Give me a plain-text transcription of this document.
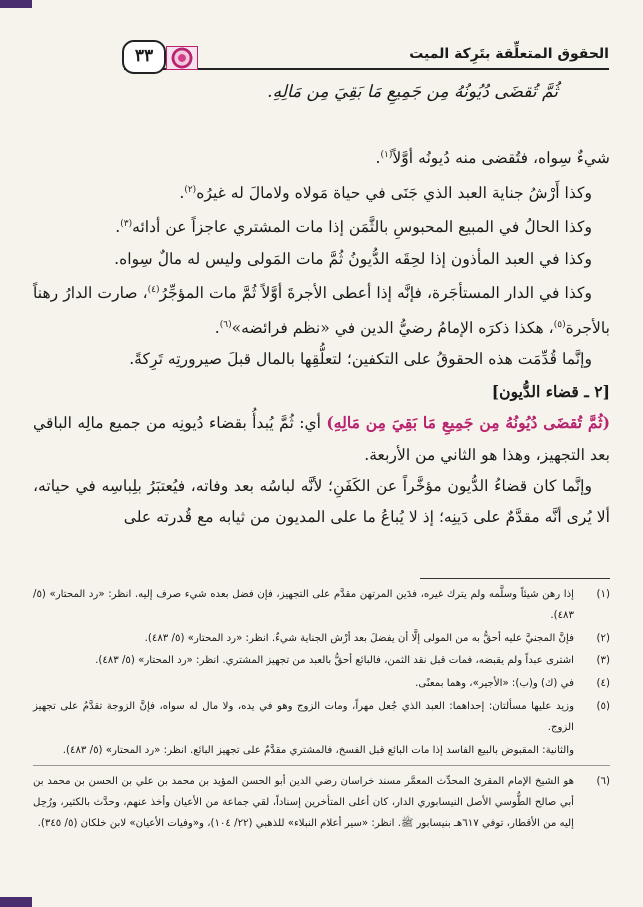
الحقوق المتعلِّقة بتَرِكة الميت
٣٣
ثُمَّ تُقضَى دُيُونُهُ مِن جَمِيعِ مَا بَقِيَ مِن مَالِهِ.

شيءٌ سِواه، فتُقضى منه دُيونُه أوَّلاً$^{(١)}$.

وكذا أَرْشُ جناية العبد الذي جَنَى في حياة مَولاه ولامالَ له غيرُه$^{(٢)}$.

وكذا الحالُ في المبيع المحبوسِ بالثَّمَن إذا مات المشتري عاجزاً عن أدائه$^{(٣)}$.

وكذا في العبد المأذون إذا لحِقَه الدُّيونُ ثُمَّ مات المَولى وليس له مالٌ سِواه.

وكذا في الدار المستأجَرة، فإنَّه إذا أعطى الأجرةَ أوَّلاً ثُمَّ مات المؤجِّرُ$^{(٤)}$، صارت الدارُ رهناً بالأجرة$^{(٥)}$، هكذا ذكرَه الإمامُ رضيُّ الدين في «نظم فرائضه»$^{(٦)}$.

وإنَّما قُدِّمَت هذه الحقوقُ على التكفين؛ لتعلُّقِها بالمال قبلَ صيرورتِه تَرِكةً.

[٢ ـ قضاء الدُّيون]

(ثُمَّ تُقضَى دُيُونُهُ مِن جَمِيعِ مَا بَقِيَ مِن مَالِهِ) أي: ثُمَّ يُبدأُ بقضاء دُيونِه من جميع مالِه الباقي بعد التجهيز، وهذا هو الثاني من الأربعة.

وإنَّما كان قضاءُ الدُّيون مؤخَّراً عن الكَفَنِ؛ لأنَّه لباسُه بعد وفاته، فيُعتبَرُ بلِباسِه في حياته، ألا يُرى أنَّه مقدَّمٌ على دَينِه؛ إذ لا يُباعُ ما على المديون من ثيابه مع قُدرته على

(١)
إذا رهن شيئاً وسلَّمه ولم يترك غيره، فدَين المرتهن مقدَّم على التجهيز، فإن فضل بعده شيء صرف إليه. انظر: «رد المحتار» (٥/ ٤٨٣).
(٢)
فإنَّ المجنيَّ عليه أحقُّ به من المولى إلَّا أن يفضلَ بعد أرْش الجناية شيءٌ. انظر: «رد المحتار» (٥/ ٤٨٣).
(٣)
اشترى عبداً ولم يقبضه، فمات قبل نقد الثمن، فالبائع أحقُّ بالعبد من تجهيز المشتري. انظر: «رد المحتار» (٥/ ٤٨٣).
(٤)
في (ك) و(ب): «الأجير»، وهما بمعنًى.
(٥)
وزيد عليها مسألتان: إحداهما: العبد الذي جُعل مهراً، ومات الزوج وهو في يده، ولا مال له سواه، فإنَّ الزوجة تقدَّمُ على تجهيز الزوج.
والثانية: المقبوض بالبيع الفاسد إذا مات البائع قبل الفسخ، فالمشتري مقدَّمٌ على تجهيز البائع. انظر: «رد المحتار» (٥/ ٤٨٣).
(٦)
هو الشيخ الإمام المقرئ المحدِّث المعمَّر مسند خراسان رضي الدين أبو الحسن المؤيد بن محمد بن علي بن الحسن بن محمد بن أبي صالح الطُّوسي الأصل النيسابوري الدار، كان أعلى المتأخرين إسناداً، لقي جماعة من الأعيان وأخذ عنهم، وحدَّث بالكثير، ورُحِل إليه من الأقطار، توفي ٦١٧هـ بنيسابور ﷺ. انظر: «سير أعلام النبلاء» للذهبي (٢٢/ ١٠٤)، و«وفيات الأعيان» لابن خلكان (٥/ ٣٤٥).
